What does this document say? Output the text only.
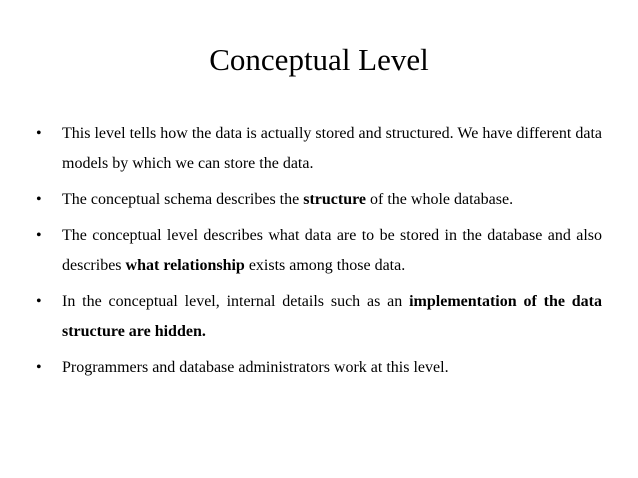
Conceptual Level
•	This level tells how the data is actually stored and structured. We have different data models by which we can store the data.
•	The conceptual schema describes the structure of the whole database.
•	The conceptual level describes what data are to be stored in the database and also describes what relationship exists among those data.
•	In the conceptual level, internal details such as an implementation of the data structure are hidden.
•	Programmers and database administrators work at this level.
